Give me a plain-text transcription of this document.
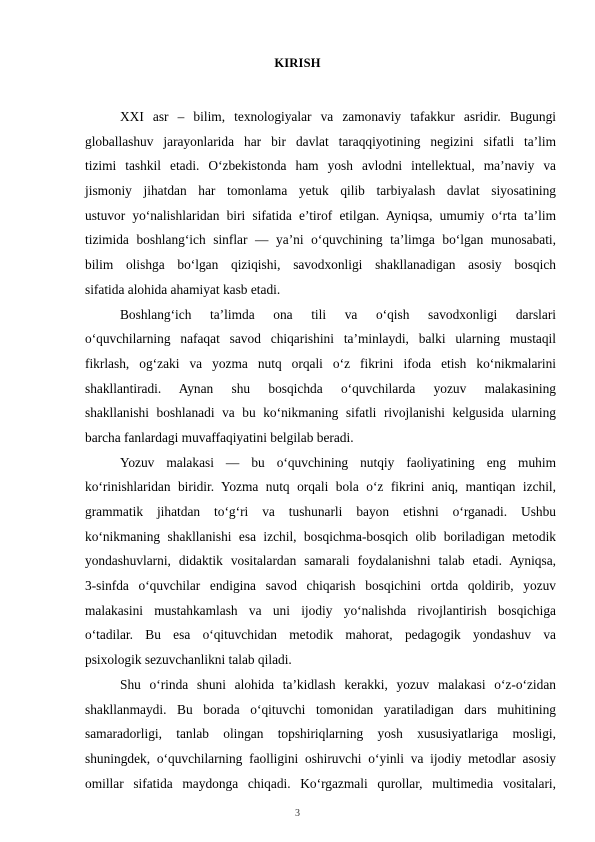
KIRISH
XXI asr – bilim, texnologiyalar va zamonaviy tafakkur asridir. Bugungi
globallashuv jarayonlarida har bir davlat taraqqiyotining negizini sifatli ta’lim
tizimi tashkil etadi. O‘zbekistonda ham yosh avlodni intellektual, ma’naviy va
jismoniy jihatdan har tomonlama yetuk qilib tarbiyalash davlat siyosatining
ustuvor yo‘nalishlaridan biri sifatida e’tirof etilgan. Ayniqsa, umumiy o‘rta ta’lim
tizimida boshlang‘ich sinflar — ya’ni o‘quvchining ta’limga bo‘lgan munosabati,
bilim olishga bo‘lgan qiziqishi, savodxonligi shakllanadigan asosiy bosqich
sifatida alohida ahamiyat kasb etadi.
Boshlang‘ich ta’limda ona tili va o‘qish savodxonligi darslari
o‘quvchilarning nafaqat savod chiqarishini ta’minlaydi, balki ularning mustaqil
fikrlash, og‘zaki va yozma nutq orqali o‘z fikrini ifoda etish ko‘nikmalarini
shakllantiradi. Aynan shu bosqichda o‘quvchilarda yozuv malakasining
shakllanishi boshlanadi va bu ko‘nikmaning sifatli rivojlanishi kelgusida ularning
barcha fanlardagi muvaffaqiyatini belgilab beradi.
Yozuv malakasi — bu o‘quvchining nutqiy faoliyatining eng muhim
ko‘rinishlaridan biridir. Yozma nutq orqali bola o‘z fikrini aniq, mantiqan izchil,
grammatik jihatdan to‘g‘ri va tushunarli bayon etishni o‘rganadi. Ushbu
ko‘nikmaning shakllanishi esa izchil, bosqichma-bosqich olib boriladigan metodik
yondashuvlarni, didaktik vositalardan samarali foydalanishni talab etadi. Ayniqsa,
3-sinfda o‘quvchilar endigina savod chiqarish bosqichini ortda qoldirib, yozuv
malakasini mustahkamlash va uni ijodiy yo‘nalishda rivojlantirish bosqichiga
o‘tadilar. Bu esa o‘qituvchidan metodik mahorat, pedagogik yondashuv va
psixologik sezuvchanlikni talab qiladi.
Shu o‘rinda shuni alohida ta’kidlash kerakki, yozuv malakasi o‘z-o‘zidan
shakllanmaydi. Bu borada o‘qituvchi tomonidan yaratiladigan dars muhitining
samaradorligi, tanlab olingan topshiriqlarning yosh xususiyatlariga mosligi,
shuningdek, o‘quvchilarning faolligini oshiruvchi o‘yinli va ijodiy metodlar asosiy
omillar sifatida maydonga chiqadi. Ko‘rgazmali qurollar, multimedia vositalari,
3
